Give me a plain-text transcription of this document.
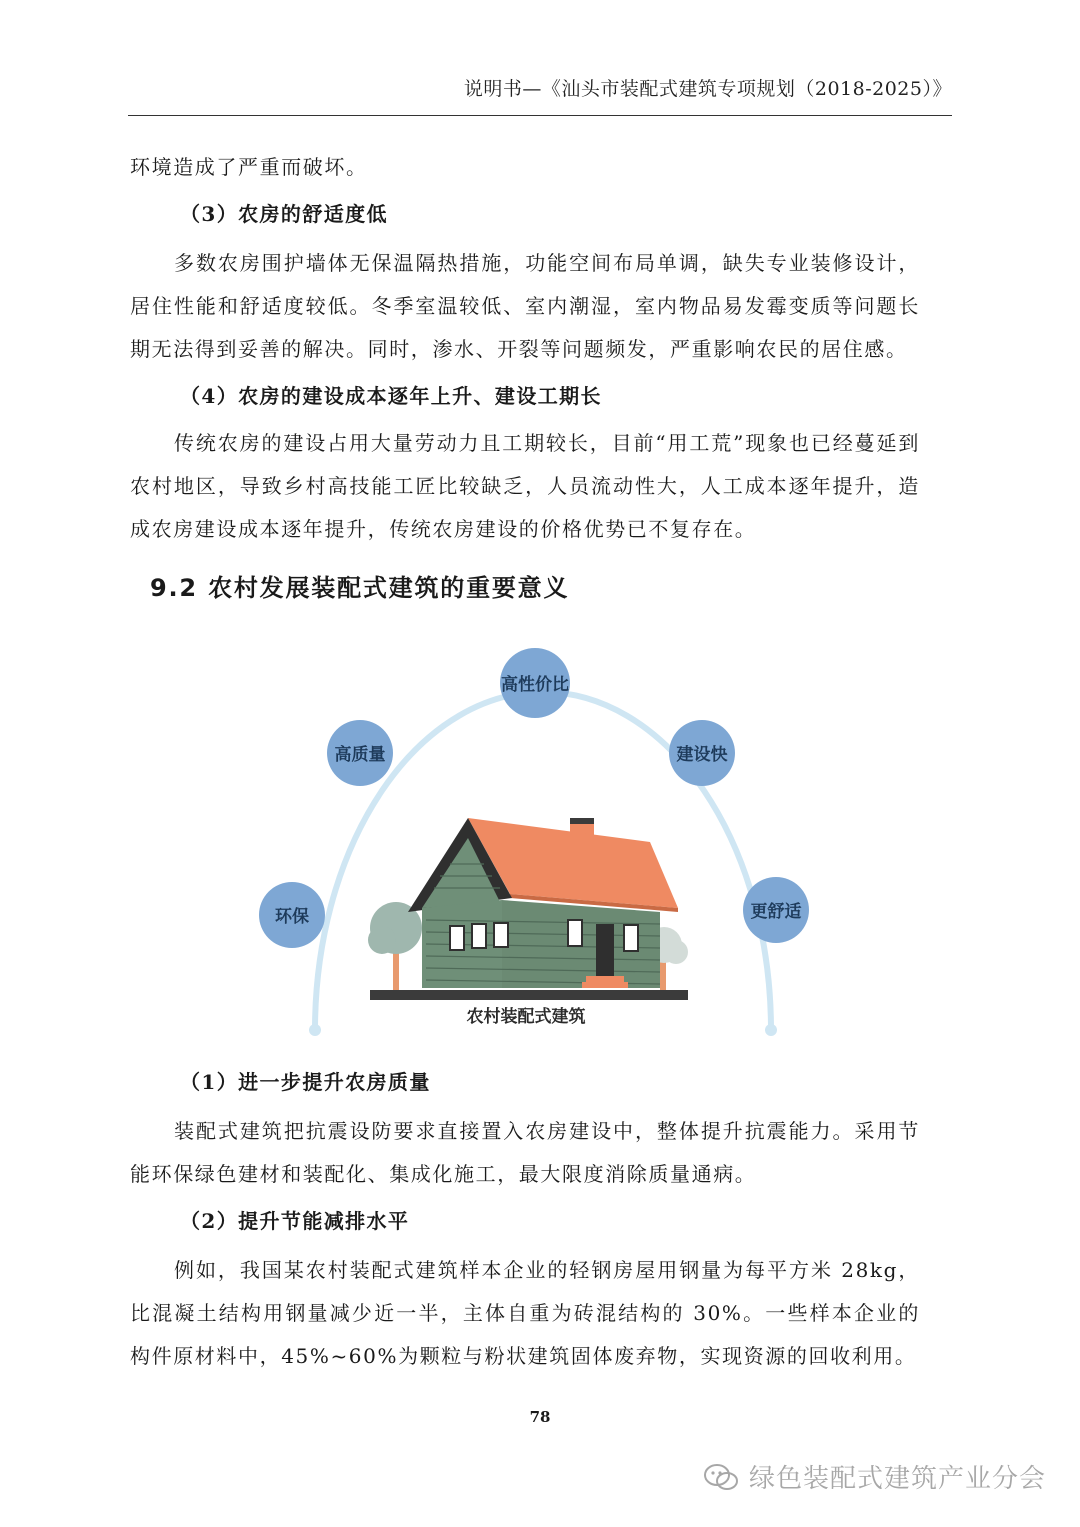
说明书—《汕头市装配式建筑专项规划（2018-2025）》

环境造成了严重而破坏。

（3）农房的舒适度低

多数农房围护墙体无保温隔热措施，功能空间布局单调，缺失专业装修设计，居住性能和舒适度较低。冬季室温较低、室内潮湿，室内物品易发霉变质等问题长期无法得到妥善的解决。同时，渗水、开裂等问题频发，严重影响农民的居住感。

（4）农房的建设成本逐年上升、建设工期长

传统农房的建设占用大量劳动力且工期较长，目前“用工荒”现象也已经蔓延到农村地区，导致乡村高技能工匠比较缺乏，人员流动性大，人工成本逐年提升，造成农房建设成本逐年提升，传统农房建设的价格优势已不复存在。

9.2 农村发展装配式建筑的重要意义
环保
高质量
高性价比
建设快
更舒适
农村装配式建筑

（1）进一步提升农房质量

装配式建筑把抗震设防要求直接置入农房建设中，整体提升抗震能力。采用节能环保绿色建材和装配化、集成化施工，最大限度消除质量通病。

（2）提升节能减排水平

例如，我国某农村装配式建筑样本企业的轻钢房屋用钢量为每平方米 28kg，比混凝土结构用钢量减少近一半，主体自重为砖混结构的 30%。一些样本企业的构件原材料中，45%~60%为颗粒与粉状建筑固体废弃物，实现资源的回收利用。

78
绿色装配式建筑产业分会
